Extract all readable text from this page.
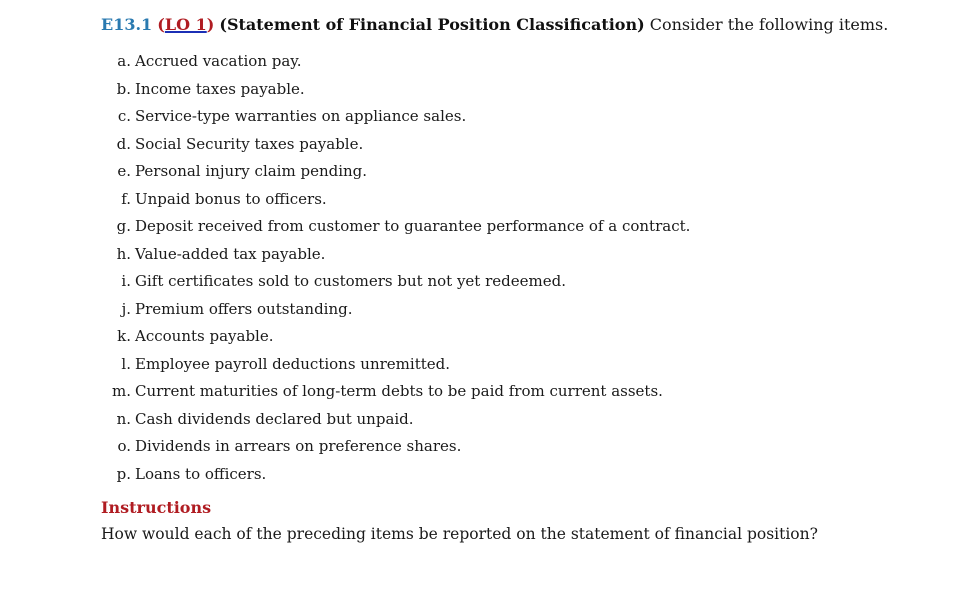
E13.1 (LO 1) (Statement of Financial Position Classification) Consider the following items.
a. Accrued vacation pay.
b. Income taxes payable.
c. Service-type warranties on appliance sales.
d. Social Security taxes payable.
e. Personal injury claim pending.
f. Unpaid bonus to officers.
g. Deposit received from customer to guarantee performance of a contract.
h. Value-added tax payable.
i. Gift certificates sold to customers but not yet redeemed.
j. Premium offers outstanding.
k. Accounts payable.
l. Employee payroll deductions unremitted.
m. Current maturities of long-term debts to be paid from current assets.
n. Cash dividends declared but unpaid.
o. Dividends in arrears on preference shares.
p. Loans to officers.
Instructions
How would each of the preceding items be reported on the statement of financial position?
